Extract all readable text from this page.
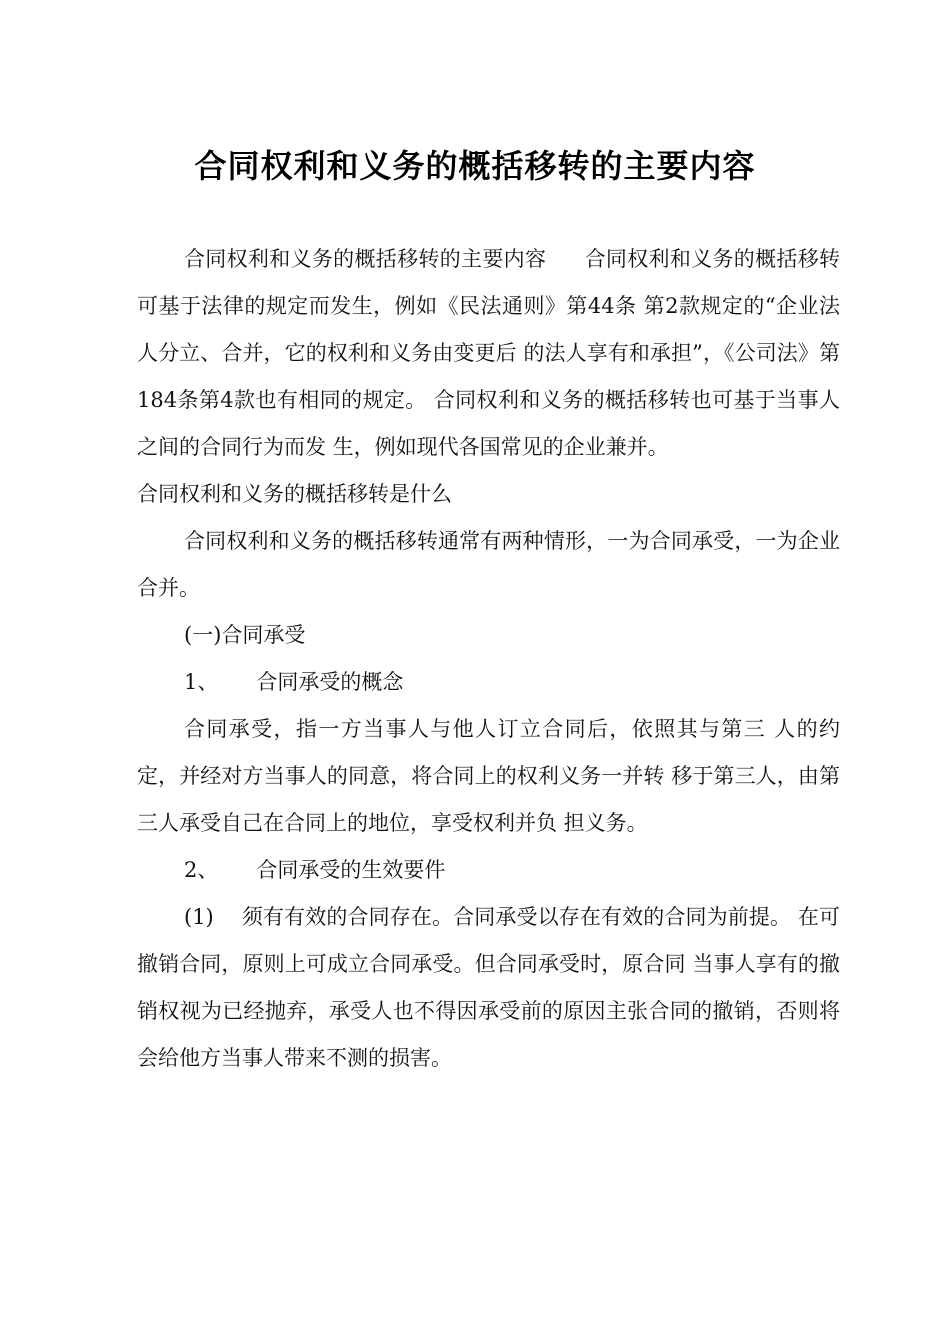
合同权利和义务的概括移转的主要内容

合同权利和义务的概括移转的主要内容 合同权利和义务的概括移转可基于法律的规定而发生，例如《民法通则》第44条 第2款规定的“企业法人分立、合并，它的权利和义务由变更后 的法人享有和承担”，《公司法》第184条第4款也有相同的规定。 合同权利和义务的概括移转也可基于当事人之间的合同行为而发 生，例如现代各国常见的企业兼并。

合同权利和义务的概括移转是什么

合同权利和义务的概括移转通常有两种情形，一为合同承受，一为企业合并。

(一)合同承受

1、 合同承受的概念

合同承受，指一方当事人与他人订立合同后，依照其与第三 人的约定，并经对方当事人的同意，将合同上的权利义务一并转 移于第三人，由第三人承受自己在合同上的地位，享受权利并负 担义务。

2、 合同承受的生效要件

(1) 须有有效的合同存在。合同承受以存在有效的合同为前提。 在可撤销合同，原则上可成立合同承受。但合同承受时，原合同 当事人享有的撤销权视为已经抛弃，承受人也不得因承受前的原因主张合同的撤销，否则将会给他方当事人带来不测的损害。
